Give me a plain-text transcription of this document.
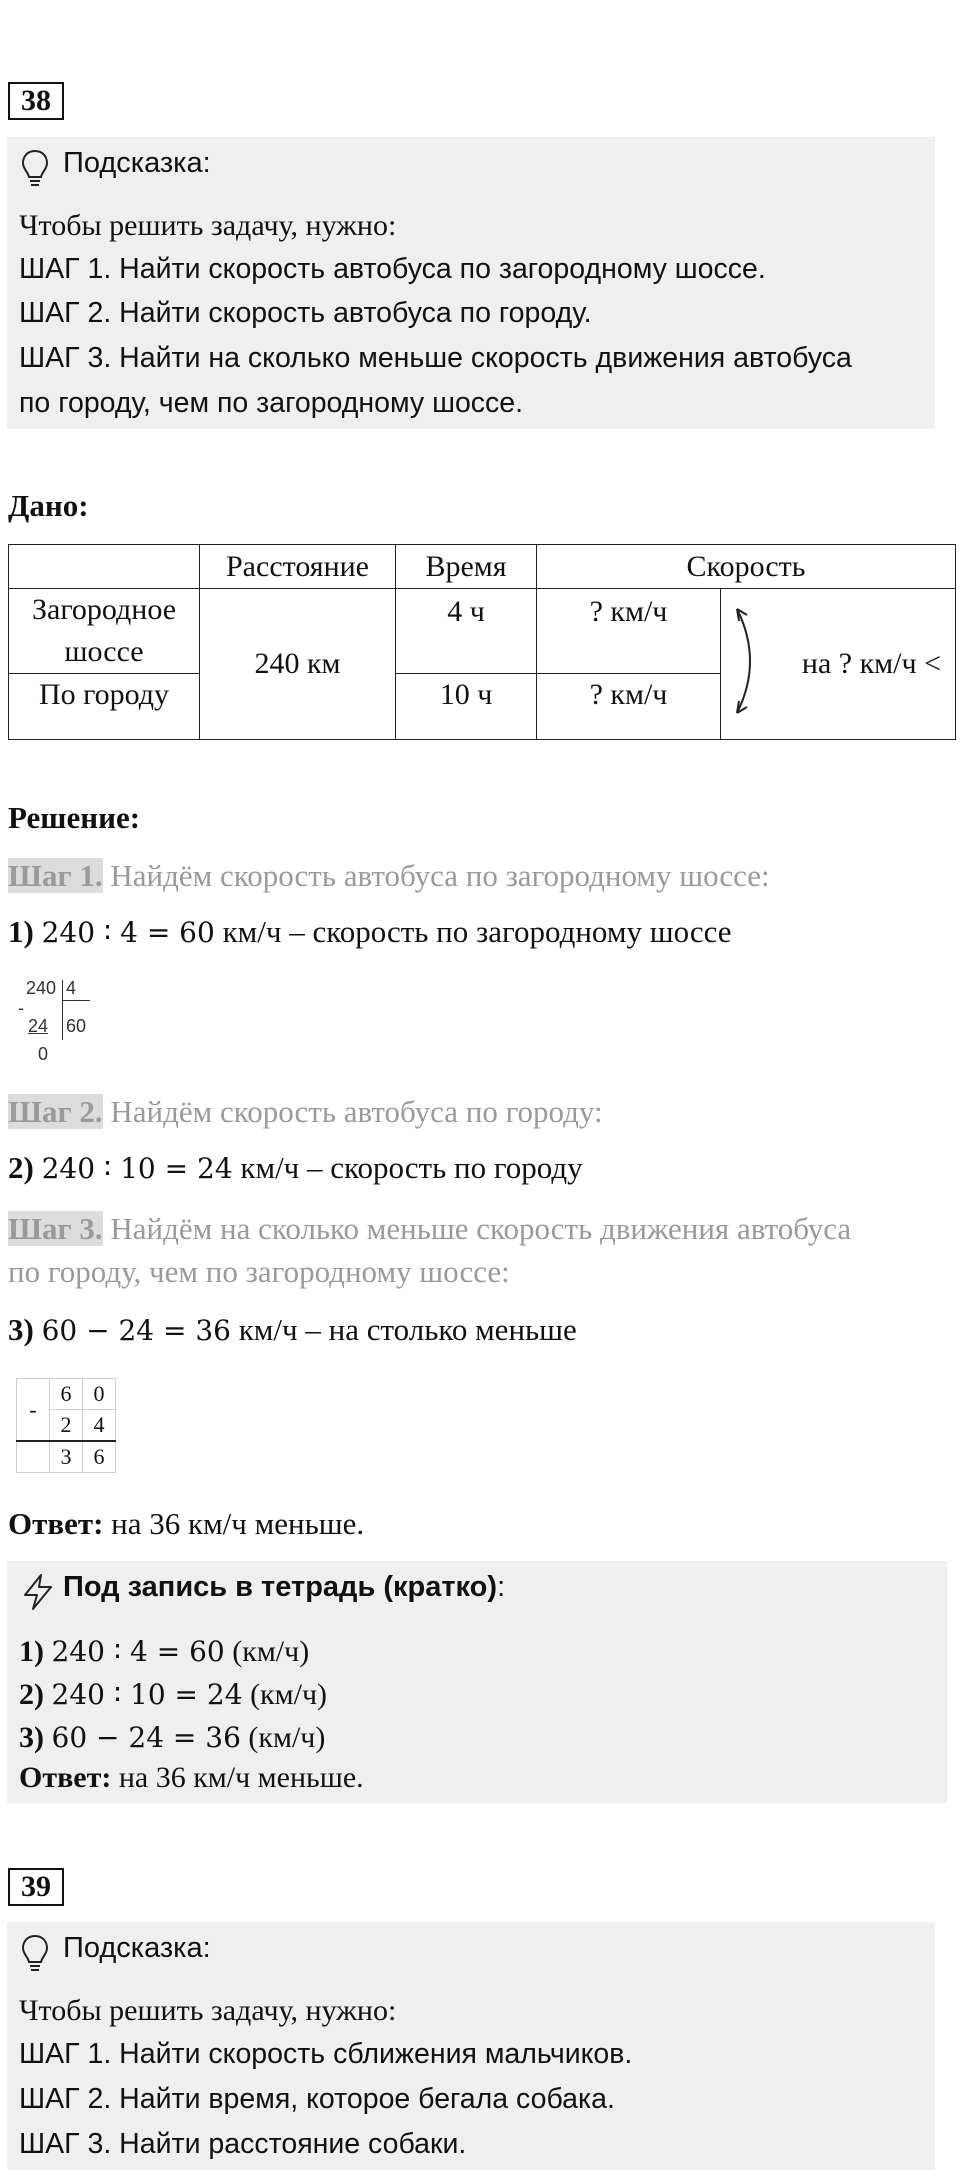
38
Подсказка:
Чтобы решить задачу, нужно:
ШАГ 1. Найти скорость автобуса по загородному шоссе.
ШАГ 2. Найти скорость автобуса по городу.
ШАГ 3. Найти на сколько меньше скорость движения автобуса
по городу, чем по загородному шоссе.
Дано:
	Расстояние	Время	Скорость	
Загородное шоссе	240 км	4 ч	? км/ч	на ? км/ч <
По городу		10 ч	? км/ч	
Решение:
Шаг 1. Найдём скорость автобуса по загородному шоссе:
1) 240 ∶ 4 = 60 км/ч – скорость по загородному шоссе
240 4
-
24 60
0
Шаг 2. Найдём скорость автобуса по городу:
2) 240 ∶ 10 = 24 км/ч – скорость по городу
Шаг 3. Найдём на сколько меньше скорость движения автобуса
по городу, чем по загородному шоссе:
3) 60 − 24 = 36 км/ч – на столько меньше
-	6	0
	2	4
	3	6
Ответ: на 36 км/ч меньше.
Под запись в тетрадь (кратко):
1) 240 ∶ 4 = 60 (км/ч)
2) 240 ∶ 10 = 24 (км/ч)
3) 60 − 24 = 36 (км/ч)
Ответ: на 36 км/ч меньше.
39
Подсказка:
Чтобы решить задачу, нужно:
ШАГ 1. Найти скорость сближения мальчиков.
ШАГ 2. Найти время, которое бегала собака.
ШАГ 3. Найти расстояние собаки.
